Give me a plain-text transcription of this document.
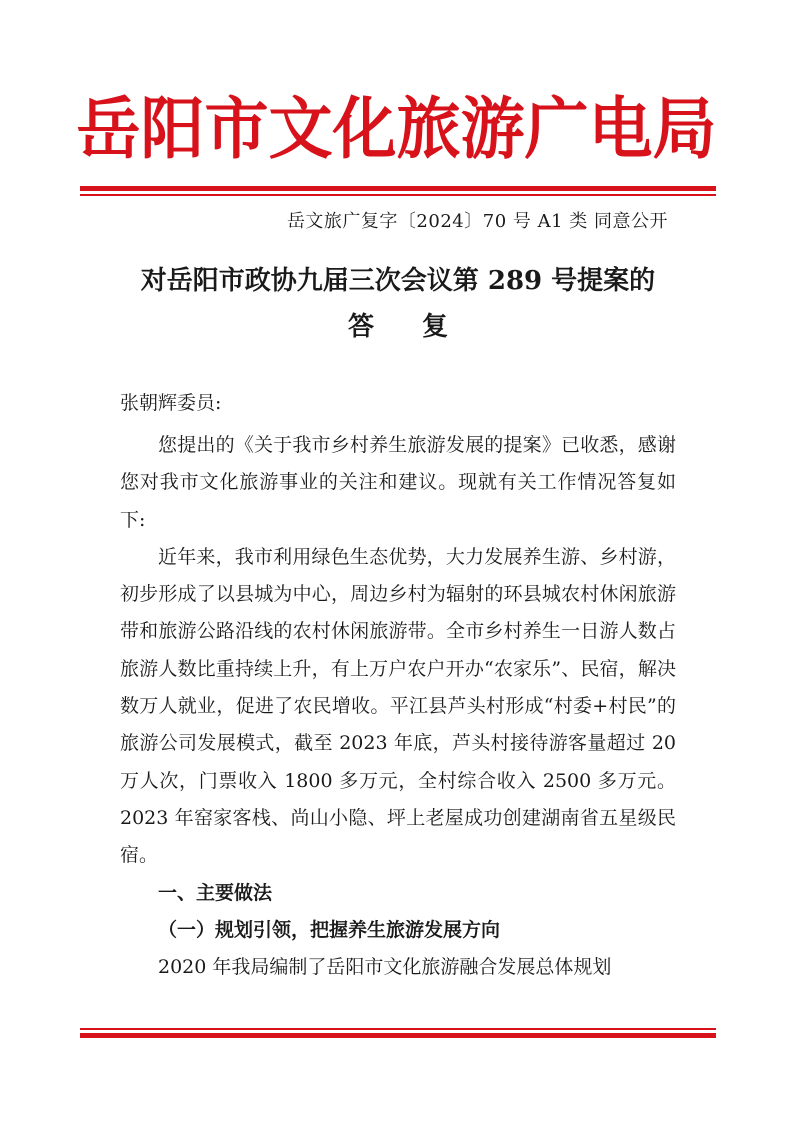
岳阳市文化旅游广电局
岳文旅广复字〔2024〕70 号 A1 类 同意公开
对岳阳市政协九届三次会议第 289 号提案的
答复
张朝辉委员:

您提出的《关于我市乡村养生旅游发展的提案》已收悉，感谢您对我市文化旅游事业的关注和建议。现就有关工作情况答复如下:

近年来，我市利用绿色生态优势，大力发展养生游、乡村游，初步形成了以县城为中心，周边乡村为辐射的环县城农村休闲旅游带和旅游公路沿线的农村休闲旅游带。全市乡村养生一日游人数占旅游人数比重持续上升，有上万户农户开办“农家乐”、民宿，解决数万人就业，促进了农民增收。平江县芦头村形成“村委+村民”的旅游公司发展模式，截至 2023 年底，芦头村接待游客量超过 20 万人次，门票收入 1800 多万元，全村综合收入 2500 多万元。2023 年窑家客栈、尚山小隐、坪上老屋成功创建湖南省五星级民宿。

一、主要做法

（一）规划引领，把握养生旅游发展方向

2020 年我局编制了岳阳市文化旅游融合发展总体规划
